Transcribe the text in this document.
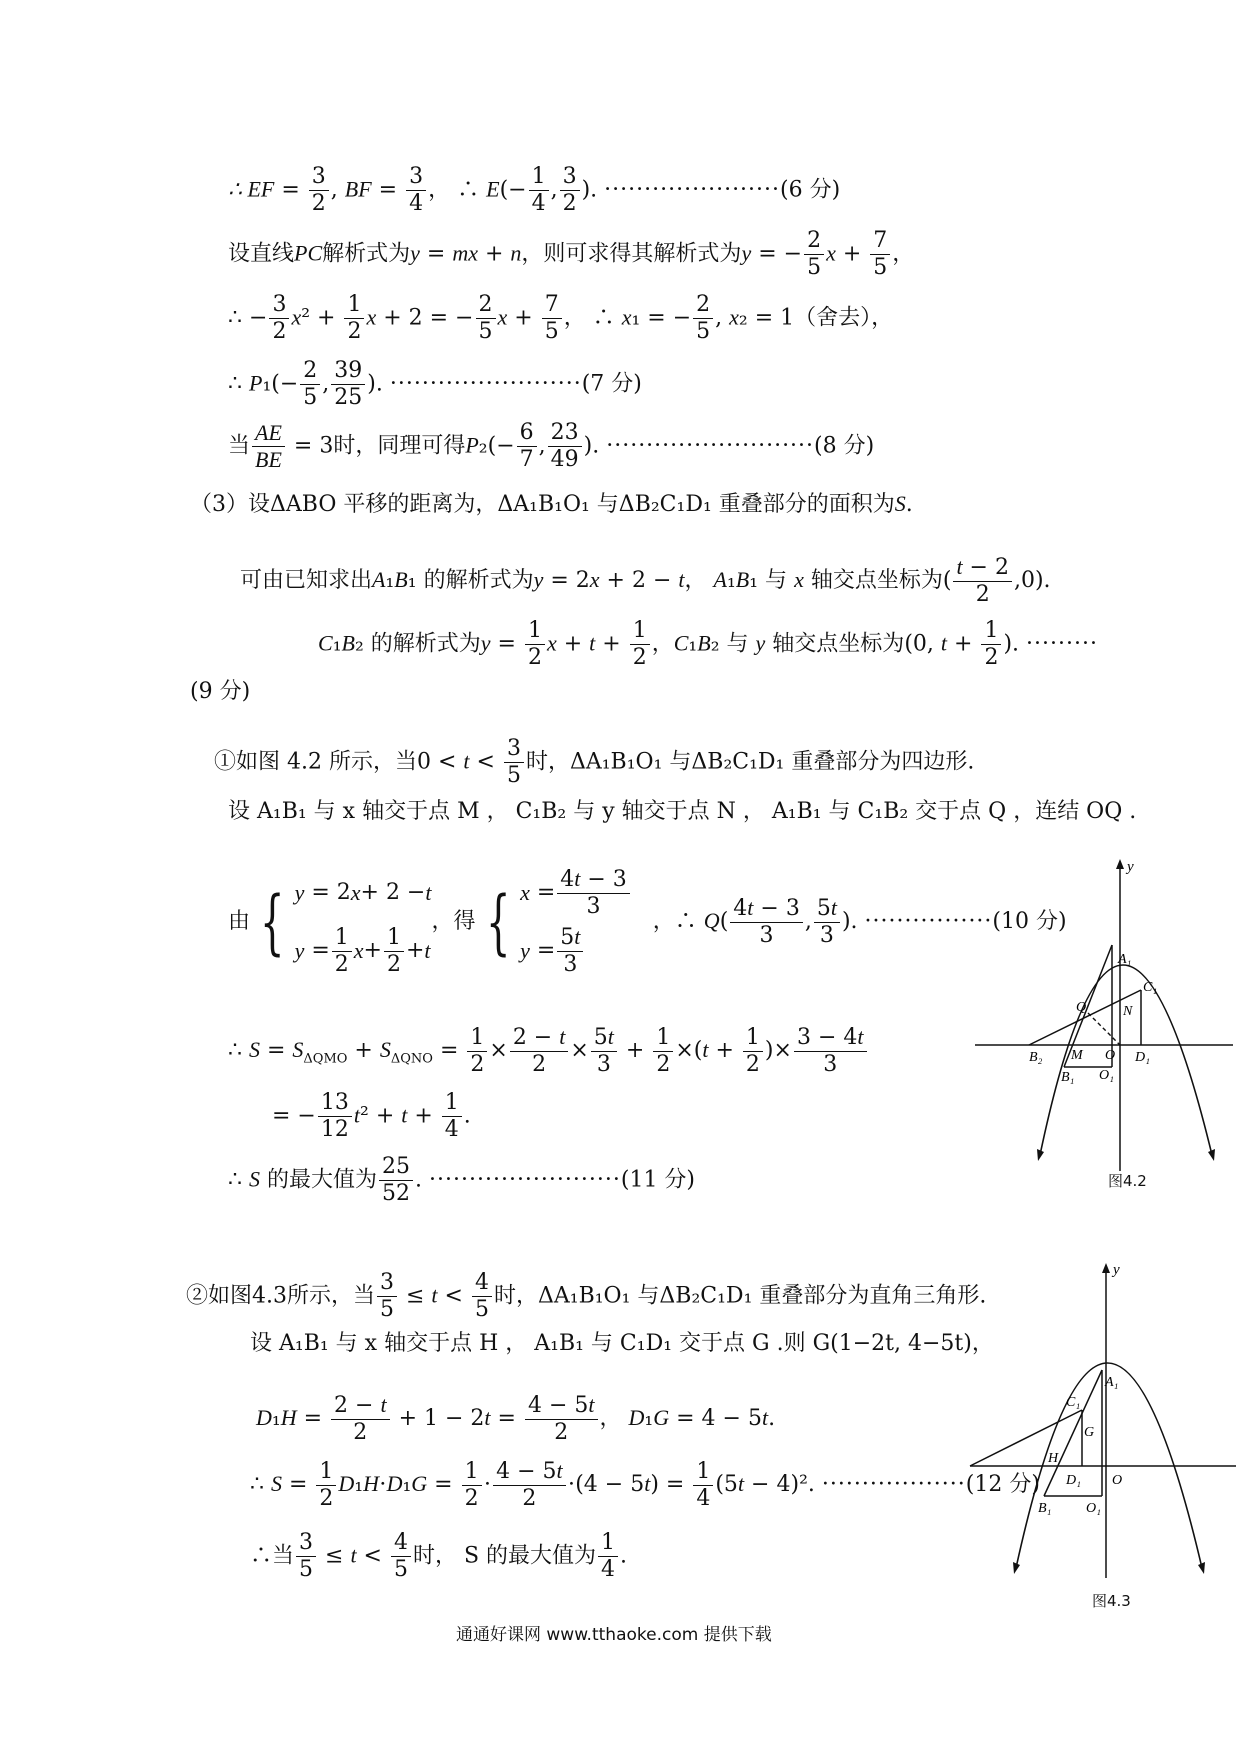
∴ EF = $\frac{3}{2}$ , BF = $\frac{3}{4}$ ， ∴ $E(- \frac{1}{4}$ , $\frac{3}{2}$ ). ······················(6 分)
设直线PC解析式为y = mx + n，则可求得其解析式为y = − $\frac{2}{5}$ $x + \frac{7}{5}$ ，
∴ − $\frac{3}{2} x^2 + \frac{1}{2}$ x + 2 = − $\frac{2}{5}$ $x + \frac{7}{5}$ ， ∴ x₁ = − $\frac{2}{5}$ , x₂ = 1（舍去），
∴ $P_1(- \frac{2}{5}$ , $\frac{39}{25}$ ). ························(7 分)
当 $\frac{AE}{BE} = 3$时，同理可得$P_2(- \frac{6}{7}$ , $\frac{23}{49}$ ). ··························(8 分)
（3）设ΔABO 平移的距离为，ΔA₁B₁O₁ 与ΔB₂C₁D₁ 重叠部分的面积为S.
可由已知求出A₁B₁ 的解析式为y = 2x + 2 − t， A₁B₁ 与 x 轴交点坐标为( $\frac{t - 2}{2} ,0$).
C₁B₂ 的解析式为$y = \frac{1}{2}$ $x + t + \frac{1}{2}$ ，C₁B₂ 与 y 轴交点坐标为(0, $t + \frac{1}{2}$ ). ·········
(9 分)
①如图 4.2 所示，当$0 < t < \frac{3}{5}$ 时，ΔA₁B₁O₁ 与ΔB₂C₁D₁ 重叠部分为四边形.
设 A₁B₁ 与 x 轴交于点 M ， C₁B₂ 与 y 轴交于点 N ， A₁B₁ 与 C₁B₂ 交于点 Q ，连结 OQ .
由 { y = 2 x + 2 − t
y =
1
2
x +
1
2
+ t
，得 { x =
4t − 3
3
y =
5t
3
，∴ $Q( \frac{4t - 3}{3}$ , $\frac{5t}{3}$ ). ················(10 分)
∴ $S = S_{\Delta QMO} + S_{\Delta QNO} = \frac{1}{2} \times \frac{2 - t}{2} \times \frac{5t}{3} + \frac{1}{2} \times(t + \frac{1}{2}$ )× $\frac{3 - 4t}{3}$
= − $\frac{13}{12} t^2 + t + \frac{1}{4}$ .
∴ S 的最大值为 $\frac{25}{52}$ . ························(11 分)
y
A₁
C₁
Q	N
B₂ M O D₁
B₁ O₁
图4.2
②如图4.3所示，当 $\frac{3}{5} \le t < \frac{4}{5}$ 时，ΔA₁B₁O₁ 与ΔB₂C₁D₁ 重叠部分为直角三角形.
设 A₁B₁ 与 x 轴交于点 H ， A₁B₁ 与 C₁D₁ 交于点 G .则 G(1−2t, 4−5t)，
$D_1H = \frac{2 - t}{2} + 1 - 2t = \frac{4 - 5t}{2}$ ， D₁G = 4 − 5t.
∴ $S = \frac{1}{2} D_1H\cdot D_1G = \frac{1}{2} \cdot \frac{4 - 5t}{2} \cdot(4 - 5t) = \frac{1}{4} (5t - 4)^2$. ··················(12 分)
∴当 $\frac{3}{5} \le t < \frac{4}{5}$ 时， S 的最大值为 $\frac{1}{4}$ .
y
A₁
C₁
G
H
D₁ O
B₁ O₁
图4.3
通通好课网 www.tthaoke.com 提供下载
